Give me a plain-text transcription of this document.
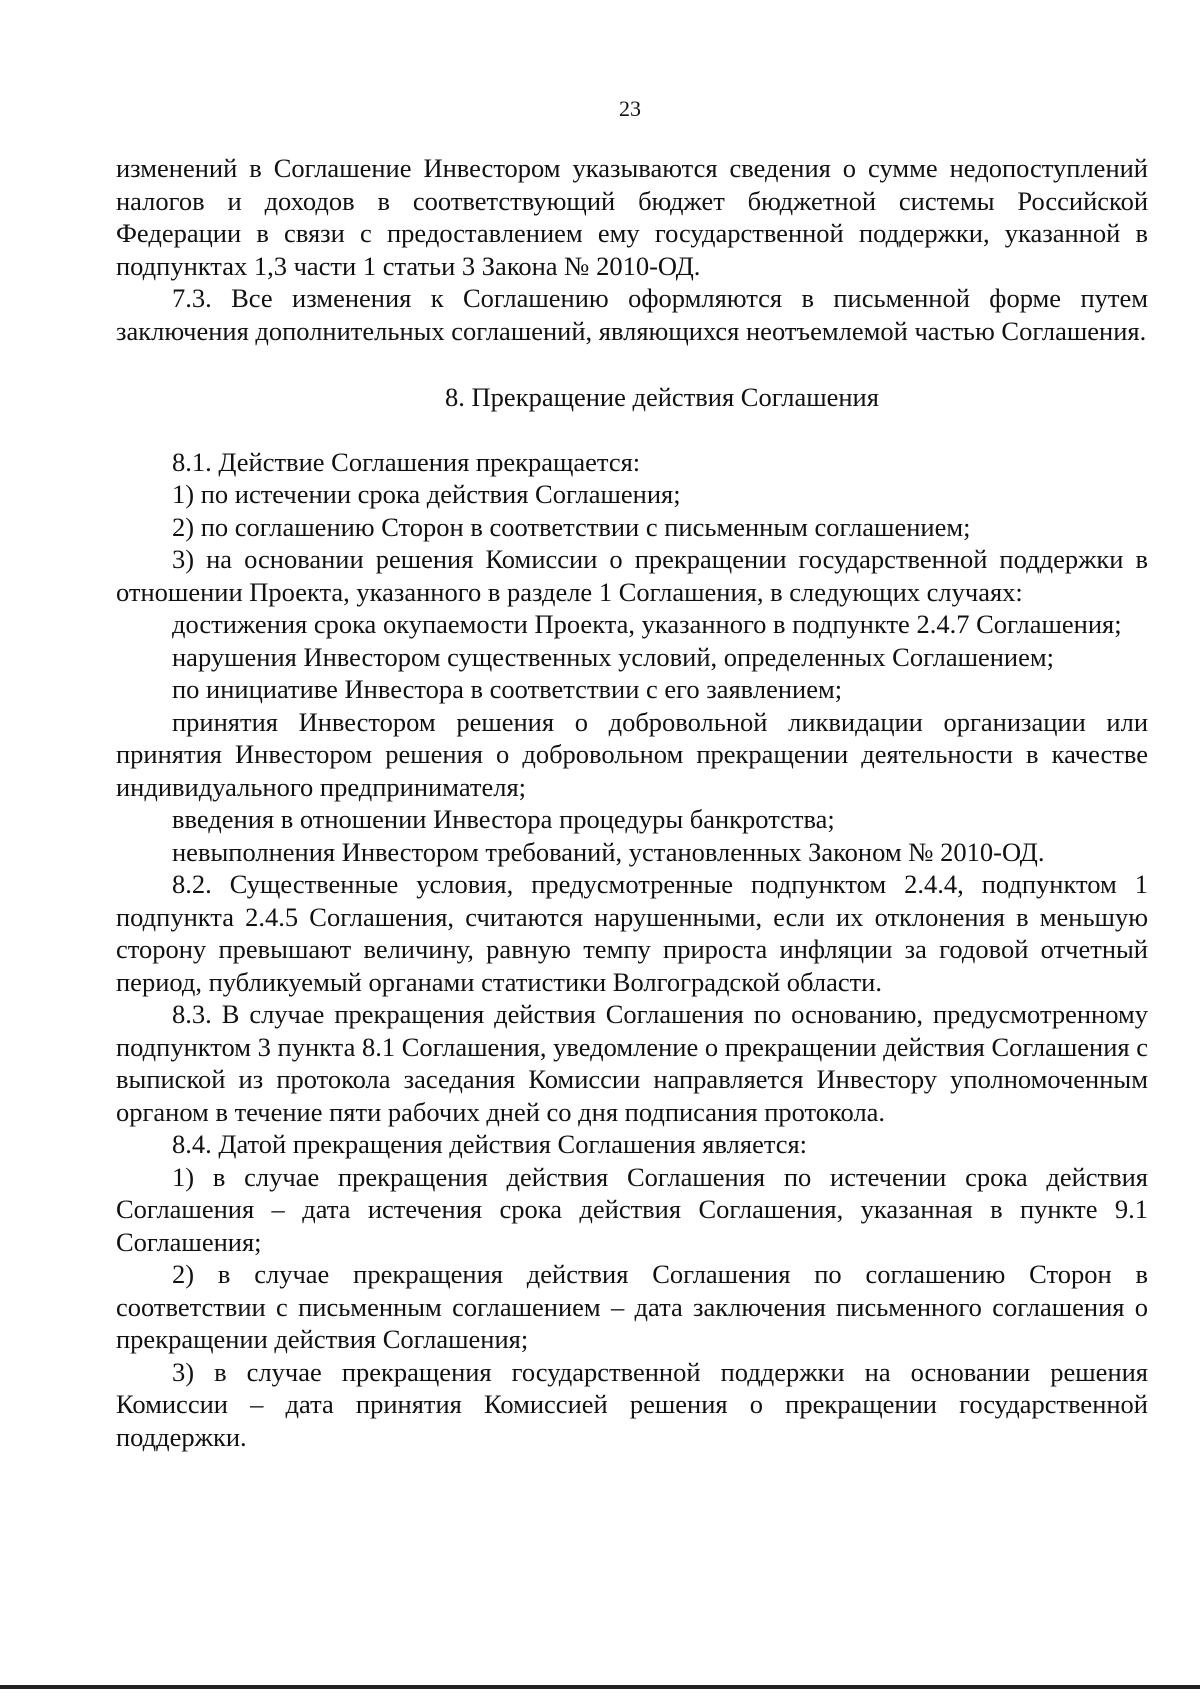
23

изменений в Соглашение Инвестором указываются сведения о сумме недопоступлений налогов и доходов в соответствующий бюджет бюджетной системы Российской Федерации в связи с предоставлением ему государственной поддержки, указанной в подпунктах 1,3 части 1 статьи 3 Закона № 2010-ОД.

7.3. Все изменения к Соглашению оформляются в письменной форме путем заключения дополнительных соглашений, являющихся неотъемлемой частью Соглашения.

8. Прекращение действия Соглашения

8.1. Действие Соглашения прекращается:

1) по истечении срока действия Соглашения;

2) по соглашению Сторон в соответствии с письменным соглашением;

3) на основании решения Комиссии о прекращении государственной поддержки в отношении Проекта, указанного в разделе 1 Соглашения, в следующих случаях:

достижения срока окупаемости Проекта, указанного в подпункте 2.4.7 Соглашения;

нарушения Инвестором существенных условий, определенных Соглашением;

по инициативе Инвестора в соответствии с его заявлением;

принятия Инвестором решения о добровольной ликвидации организации или принятия Инвестором решения о добровольном прекращении деятельности в качестве индивидуального предпринимателя;

введения в отношении Инвестора процедуры банкротства;

невыполнения Инвестором требований, установленных Законом № 2010-ОД.

8.2. Существенные условия, предусмотренные подпунктом 2.4.4, подпунктом 1 подпункта 2.4.5 Соглашения, считаются нарушенными, если их отклонения в меньшую сторону превышают величину, равную темпу прироста инфляции за годовой отчетный период, публикуемый органами статистики Волгоградской области.

8.3. В случае прекращения действия Соглашения по основанию, предусмотренному подпунктом 3 пункта 8.1 Соглашения, уведомление о прекращении действия Соглашения с выпиской из протокола заседания Комиссии направляется Инвестору уполномоченным органом в течение пяти рабочих дней со дня подписания протокола.

8.4. Датой прекращения действия Соглашения является:

1) в случае прекращения действия Соглашения по истечении срока действия Соглашения – дата истечения срока действия Соглашения, указанная в пункте 9.1 Соглашения;

2) в случае прекращения действия Соглашения по соглашению Сторон в соответствии с письменным соглашением – дата заключения письменного соглашения о прекращении действия Соглашения;

3) в случае прекращения государственной поддержки на основании решения Комиссии – дата принятия Комиссией решения о прекращении государственной поддержки.
